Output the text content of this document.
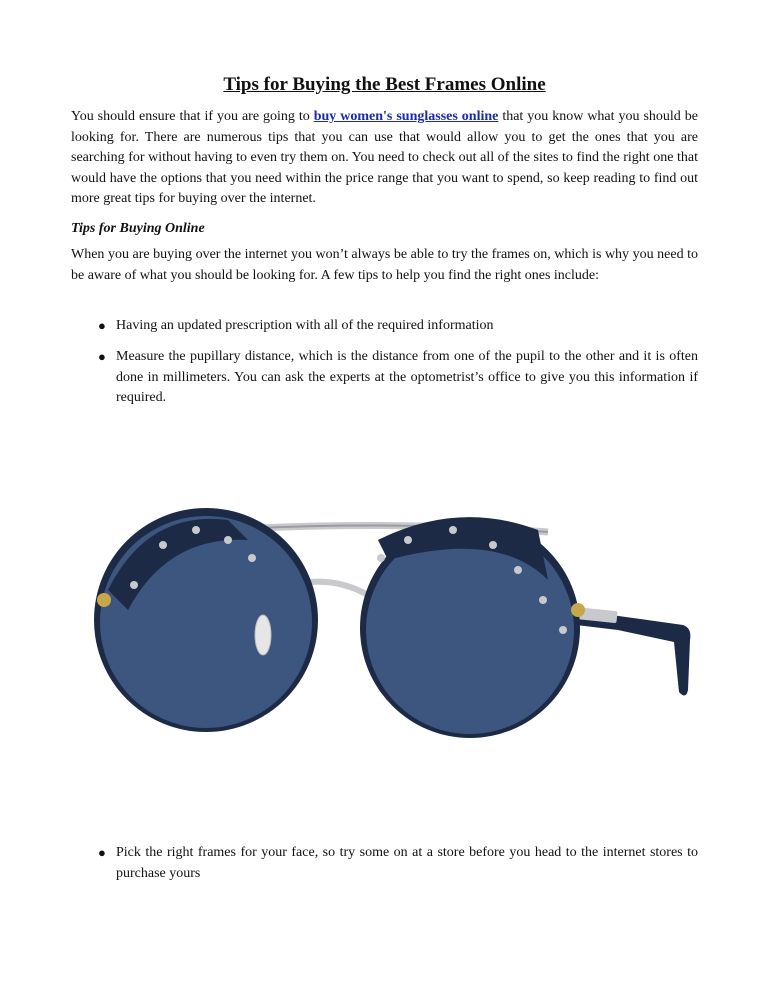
Tips for Buying the Best Frames Online

You should ensure that if you are going to buy women's sunglasses online that you know what you should be looking for. There are numerous tips that you can use that would allow you to get the ones that you are searching for without having to even try them on. You need to check out all of the sites to find the right one that would have the options that you need within the price range that you want to spend, so keep reading to find out more great tips for buying over the internet.

Tips for Buying Online

When you are buying over the internet you won’t always be able to try the frames on, which is why you need to be aware of what you should be looking for. A few tips to help you find the right ones include:

● Having an updated prescription with all of the required information
● Measure the pupillary distance, which is the distance from one of the pupil to the other and it is often done in millimeters. You can ask the experts at the optometrist’s office to give you this information if required.
● Pick the right frames for your face, so try some on at a store before you head to the internet stores to purchase yours
